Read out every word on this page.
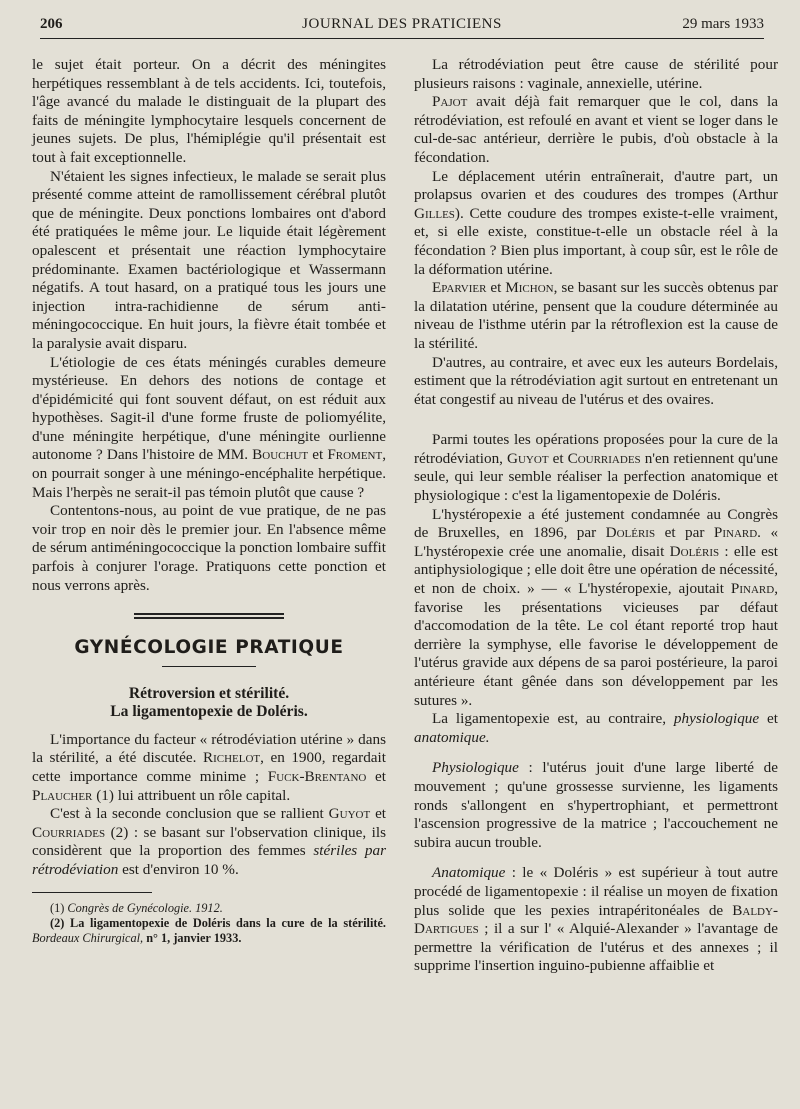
206	JOURNAL DES PRATICIENS	29 mars 1933

le sujet était porteur. On a décrit des méningites herpétiques ressemblant à de tels accidents. Ici, toutefois, l'âge avancé du malade le distinguait de la plupart des faits de méningite lymphocytaire lesquels concernent de jeunes sujets. De plus, l'hémiplégie qu'il présentait est tout à fait exceptionnelle.

N'étaient les signes infectieux, le malade se serait plus présenté comme atteint de ramollissement cérébral plutôt que de méningite. Deux ponctions lombaires ont d'abord été pratiquées le même jour. Le liquide était légèrement opalescent et présentait une réaction lymphocytaire prédominante. Examen bactériologique et Wassermann négatifs. A tout hasard, on a pratiqué tous les jours une injection intra-rachidienne de sérum anti-méningococcique. En huit jours, la fièvre était tombée et la paralysie avait disparu.

L'étiologie de ces états méningés curables demeure mystérieuse. En dehors des notions de contage et d'épidémicité qui font souvent défaut, on est réduit aux hypothèses. Sagit-il d'une forme fruste de poliomyélite, d'une méningite herpétique, d'une méningite ourlienne autonome ? Dans l'histoire de MM. Bouchut et Froment, on pourrait songer à une méningo-encéphalite herpétique. Mais l'herpès ne serait-il pas témoin plutôt que cause ?

Contentons-nous, au point de vue pratique, de ne pas voir trop en noir dès le premier jour. En l'absence même de sérum antiméningococcique la ponction lombaire suffit parfois à conjurer l'orage. Pratiquons cette ponction et nous verrons après.

GYNÉCOLOGIE PRATIQUE
Rétroversion et stérilité.
La ligamentopexie de Doléris.

L'importance du facteur « rétrodéviation utérine » dans la stérilité, a été discutée. Richelot, en 1900, regardait cette importance comme minime ; Fuck-Brentano et Plaucher (1) lui attribuent un rôle capital.

C'est à la seconde conclusion que se rallient Guyot et Courriades (2) : se basant sur l'observation clinique, ils considèrent que la proportion des femmes stériles par rétrodéviation est d'environ 10 %.

(1) Congrès de Gynécologie. 1912.

(2) La ligamentopexie de Doléris dans la cure de la stérilité. Bordeaux Chirurgical, n° 1, janvier 1933.

La rétrodéviation peut être cause de stérilité pour plusieurs raisons : vaginale, annexielle, utérine.

Pajot avait déjà fait remarquer que le col, dans la rétrodéviation, est refoulé en avant et vient se loger dans le cul-de-sac antérieur, derrière le pubis, d'où obstacle à la fécondation.

Le déplacement utérin entraînerait, d'autre part, un prolapsus ovarien et des coudures des trompes (Arthur Gilles). Cette coudure des trompes existe-t-elle vraiment, et, si elle existe, constitue-t-elle un obstacle réel à la fécondation ? Bien plus important, à coup sûr, est le rôle de la déformation utérine.

Eparvier et Michon, se basant sur les succès obtenus par la dilatation utérine, pensent que la coudure déterminée au niveau de l'isthme utérin par la rétroflexion est la cause de la stérilité.

D'autres, au contraire, et avec eux les auteurs Bordelais, estiment que la rétrodéviation agit surtout en entretenant un état congestif au niveau de l'utérus et des ovaires.

Parmi toutes les opérations proposées pour la cure de la rétrodéviation, Guyot et Courriades n'en retiennent qu'une seule, qui leur semble réaliser la perfection anatomique et physiologique : c'est la ligamentopexie de Doléris.

L'hystéropexie a été justement condamnée au Congrès de Bruxelles, en 1896, par Doléris et par Pinard. « L'hystéropexie crée une anomalie, disait Doléris : elle est antiphysiologique ; elle doit être une opération de nécessité, et non de choix. » — « L'hystéropexie, ajoutait Pinard, favorise les présentations vicieuses par défaut d'accomodation de la tête. Le col étant reporté trop haut derrière la symphyse, elle favorise le développement de l'utérus gravide aux dépens de sa paroi postérieure, la paroi antérieure étant gênée dans son développement par les sutures ».

La ligamentopexie est, au contraire, physiologique et anatomique.

Physiologique : l'utérus jouit d'une large liberté de mouvement ; qu'une grossesse survienne, les ligaments ronds s'allongent en s'hypertrophiant, et permettront l'ascension progressive de la matrice ; l'accouchement ne subira aucun trouble.

Anatomique : le « Doléris » est supérieur à tout autre procédé de ligamentopexie : il réalise un moyen de fixation plus solide que les pexies intrapéritonéales de Baldy-Dartigues ; il a sur l' « Alquié-Alexander » l'avantage de permettre la vérification de l'utérus et des annexes ; il supprime l'insertion inguino-pubienne affaiblie et
